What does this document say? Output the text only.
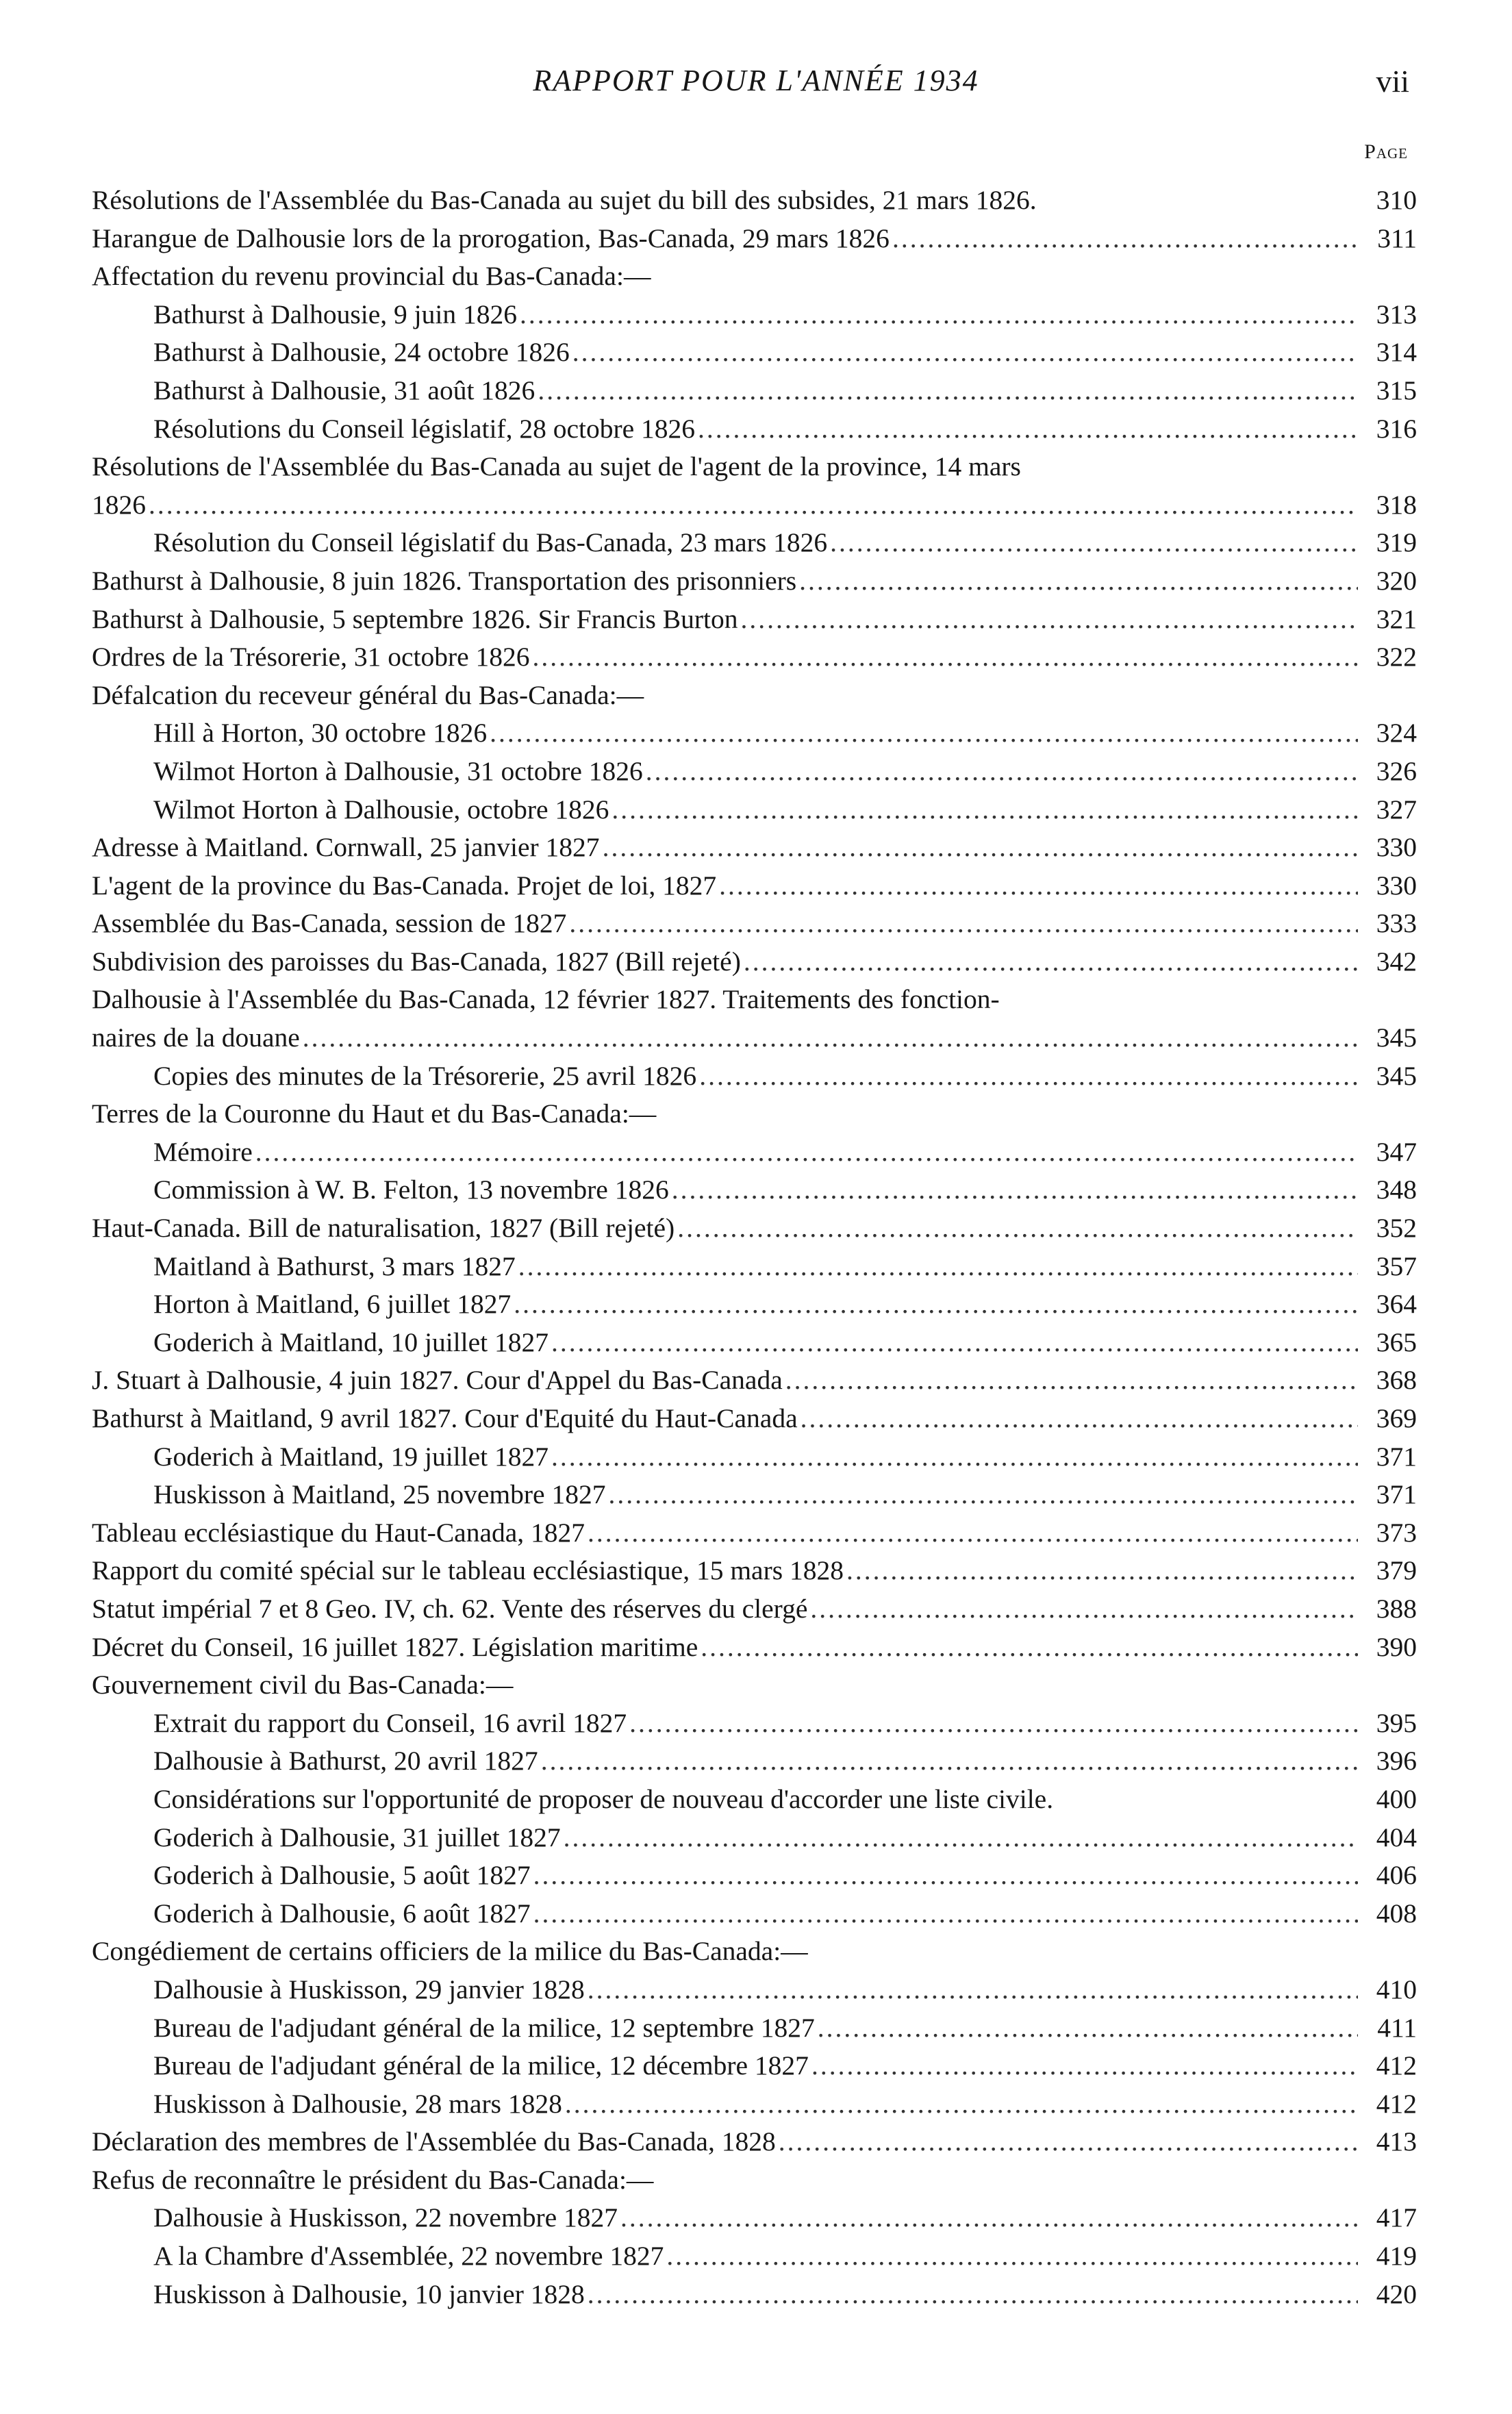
RAPPORT POUR L'ANNÉE 1934	vii
Page
Résolutions de l'Assemblée du Bas-Canada au sujet du bill des subsides, 21 mars 1826.	310
Harangue de Dalhousie lors de la prorogation, Bas-Canada, 29 mars 1826 .....	311
Affectation du revenu provincial du Bas-Canada:—
Bathurst à Dalhousie, 9 juin 1826 .....	313
Bathurst à Dalhousie, 24 octobre 1826 .....	314
Bathurst à Dalhousie, 31 août 1826 .....	315
Résolutions du Conseil législatif, 28 octobre 1826 .....	316
Résolutions de l'Assemblée du Bas-Canada au sujet de l'agent de la province, 14 mars
1826 .....	318
Résolution du Conseil législatif du Bas-Canada, 23 mars 1826 .....	319
Bathurst à Dalhousie, 8 juin 1826. Transportation des prisonniers .....	320
Bathurst à Dalhousie, 5 septembre 1826. Sir Francis Burton .....	321
Ordres de la Trésorerie, 31 octobre 1826 .....	322
Défalcation du receveur général du Bas-Canada:—
Hill à Horton, 30 octobre 1826 .....	324
Wilmot Horton à Dalhousie, 31 octobre 1826 .....	326
Wilmot Horton à Dalhousie, octobre 1826 .....	327
Adresse à Maitland. Cornwall, 25 janvier 1827 .....	330
L'agent de la province du Bas-Canada. Projet de loi, 1827 .....	330
Assemblée du Bas-Canada, session de 1827 .....	333
Subdivision des paroisses du Bas-Canada, 1827 (Bill rejeté) .....	342
Dalhousie à l'Assemblée du Bas-Canada, 12 février 1827. Traitements des fonction-
naires de la douane .....	345
Copies des minutes de la Trésorerie, 25 avril 1826 .....	345
Terres de la Couronne du Haut et du Bas-Canada:—
Mémoire .....	347
Commission à W. B. Felton, 13 novembre 1826 .....	348
Haut-Canada. Bill de naturalisation, 1827 (Bill rejeté) .....	352
Maitland à Bathurst, 3 mars 1827 .....	357
Horton à Maitland, 6 juillet 1827 .....	364
Goderich à Maitland, 10 juillet 1827 .....	365
J. Stuart à Dalhousie, 4 juin 1827. Cour d'Appel du Bas-Canada .....	368
Bathurst à Maitland, 9 avril 1827. Cour d'Equité du Haut-Canada .....	369
Goderich à Maitland, 19 juillet 1827 .....	371
Huskisson à Maitland, 25 novembre 1827 .....	371
Tableau ecclésiastique du Haut-Canada, 1827 .....	373
Rapport du comité spécial sur le tableau ecclésiastique, 15 mars 1828 .....	379
Statut impérial 7 et 8 Geo. IV, ch. 62. Vente des réserves du clergé .....	388
Décret du Conseil, 16 juillet 1827. Législation maritime .....	390
Gouvernement civil du Bas-Canada:—
Extrait du rapport du Conseil, 16 avril 1827 .....	395
Dalhousie à Bathurst, 20 avril 1827 .....	396
Considérations sur l'opportunité de proposer de nouveau d'accorder une liste civile.	400
Goderich à Dalhousie, 31 juillet 1827 .....	404
Goderich à Dalhousie, 5 août 1827 .....	406
Goderich à Dalhousie, 6 août 1827 .....	408
Congédiement de certains officiers de la milice du Bas-Canada:—
Dalhousie à Huskisson, 29 janvier 1828 .....	410
Bureau de l'adjudant général de la milice, 12 septembre 1827 .....	411
Bureau de l'adjudant général de la milice, 12 décembre 1827 .....	412
Huskisson à Dalhousie, 28 mars 1828 .....	412
Déclaration des membres de l'Assemblée du Bas-Canada, 1828 .....	413
Refus de reconnaître le président du Bas-Canada:—
Dalhousie à Huskisson, 22 novembre 1827 .....	417
A la Chambre d'Assemblée, 22 novembre 1827 .....	419
Huskisson à Dalhousie, 10 janvier 1828 .....	420
